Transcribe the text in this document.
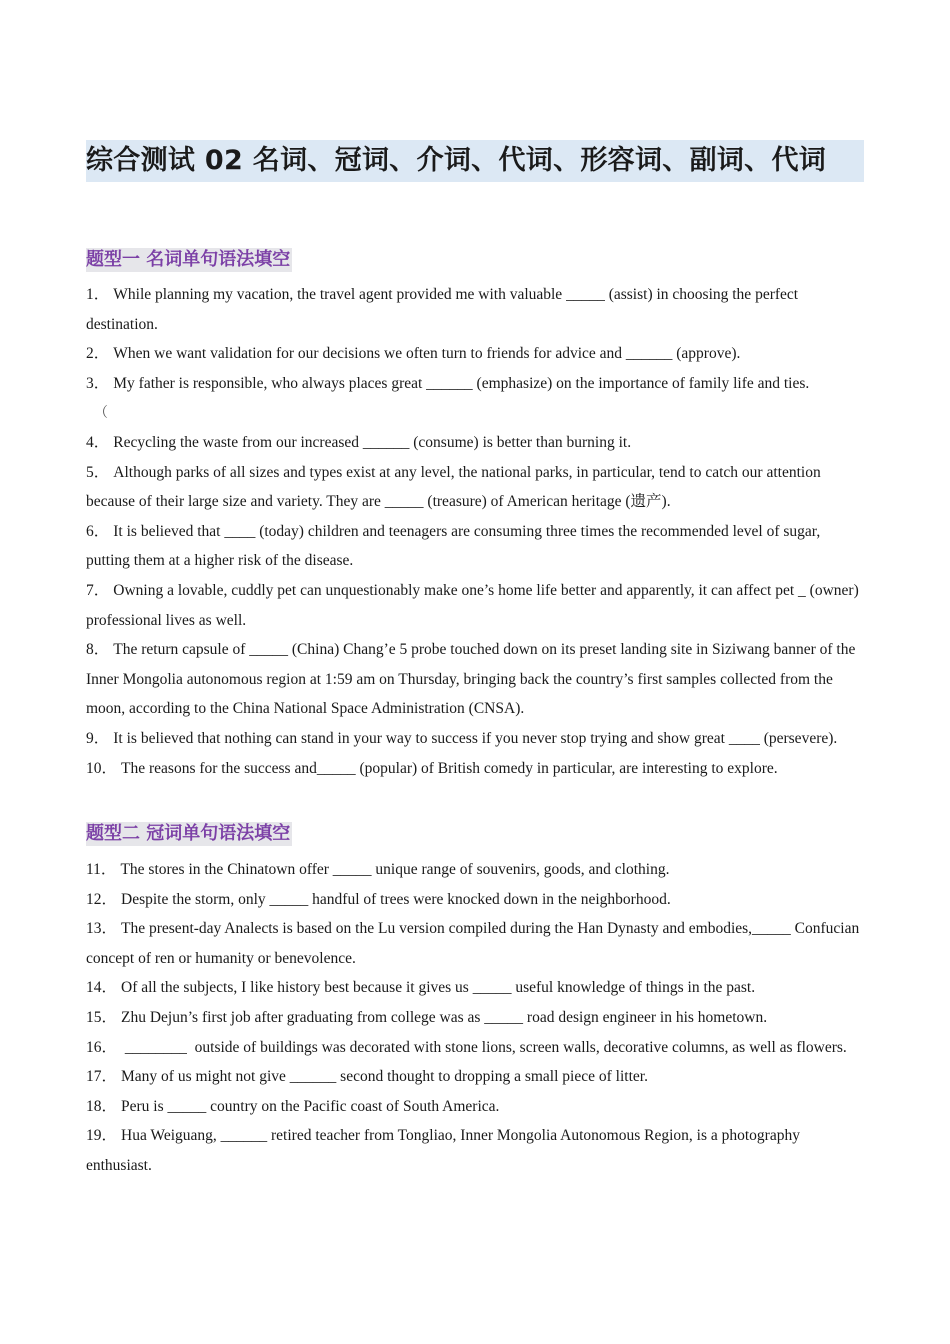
综合测试 02 名词、冠词、介词、代词、形容词、副词、代词
题型一 名词单句语法填空

1． While planning my vacation, the travel agent provided me with valuable _____ (assist) in choosing the perfect destination.

2． When we want validation for our decisions we often turn to friends for advice and ______ (approve).

3． My father is responsible, who always places great ______ (emphasize) on the importance of family life and ties.

（

4． Recycling the waste from our increased ______ (consume) is better than burning it.

5． Although parks of all sizes and types exist at any level, the national parks, in particular, tend to catch our attention because of their large size and variety. They are _____ (treasure) of American heritage (遗产).

6． It is believed that ____ (today) children and teenagers are consuming three times the recommended level of sugar, putting them at a higher risk of the disease.

7． Owning a lovable, cuddly pet can unquestionably make one’s home life better and apparently, it can affect pet _ (owner) professional lives as well.

8． The return capsule of _____ (China) Chang’e 5 probe touched down on its preset landing site in Siziwang banner of the Inner Mongolia autonomous region at 1:59 am on Thursday, bringing back the country’s first samples collected from the moon, according to the China National Space Administration (CNSA).

9． It is believed that nothing can stand in your way to success if you never stop trying and show great ____ (persevere).

10． The reasons for the success and_____ (popular) of British comedy in particular, are interesting to explore.

题型二 冠词单句语法填空

11． The stores in the Chinatown offer _____ unique range of souvenirs, goods, and clothing.

12． Despite the storm, only _____ handful of trees were knocked down in the neighborhood.

13． The present-day Analects is based on the Lu version compiled during the Han Dynasty and embodies,_____ Confucian concept of ren or humanity or benevolence.

14． Of all the subjects, I like history best because it gives us _____ useful knowledge of things in the past.

15． Zhu Dejun’s first job after graduating from college was as _____ road design engineer in his hometown.

16． ________  outside of buildings was decorated with stone lions, screen walls, decorative columns, as well as flowers.

17． Many of us might not give ______ second thought to dropping a small piece of litter.

18． Peru is _____ country on the Pacific coast of South America.

19． Hua Weiguang, ______ retired teacher from Tongliao, Inner Mongolia Autonomous Region, is a photography enthusiast.
